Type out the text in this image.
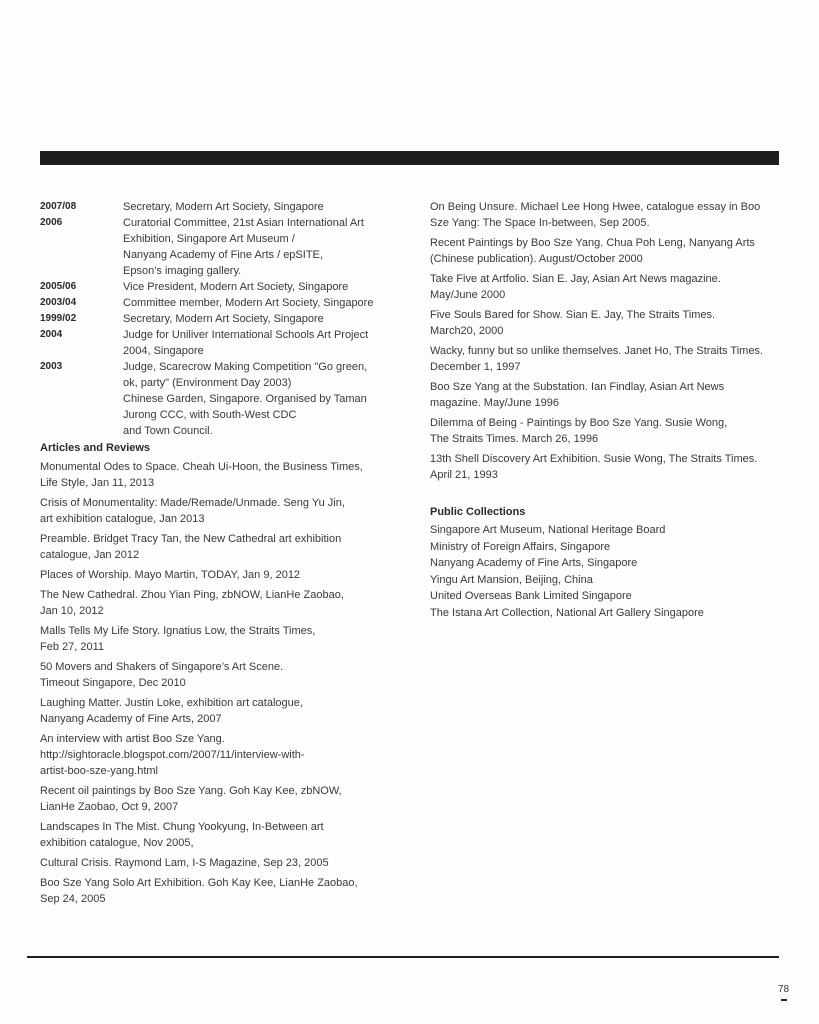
2007/08	Secretary, Modern Art Society, Singapore
2006	Curatorial Committee, 21st Asian International Art
Exhibition, Singapore Art Museum /
Nanyang Academy of Fine Arts / epSITE,
Epson’s imaging gallery.
2005/06	Vice President, Modern Art Society, Singapore
2003/04	Committee member, Modern Art Society, Singapore
1999/02	Secretary, Modern Art Society, Singapore
2004	Judge for Uniliver International Schools Art Project
2004, Singapore
2003	Judge, Scarecrow Making Competition "Go green,
ok, party" (Environment Day 2003)
Chinese Garden, Singapore. Organised by Taman
Jurong CCC, with South-West CDC
and Town Council.
Articles and Reviews
Monumental Odes to Space. Cheah Ui-Hoon, the Business Times,
Life Style, Jan 11, 2013
Crisis of Monumentality: Made/Remade/Unmade. Seng Yu Jin,
art exhibition catalogue, Jan 2013
Preamble. Bridget Tracy Tan, the New Cathedral art exhibition
catalogue, Jan 2012
Places of Worship. Mayo Martin, TODAY, Jan 9, 2012
The New Cathedral. Zhou Yian Ping, zbNOW, LianHe Zaobao,
Jan 10, 2012
Malls Tells My Life Story. Ignatius Low, the Straits Times,
Feb 27, 2011
50 Movers and Shakers of Singapore’s Art Scene.
Timeout Singapore, Dec 2010
Laughing Matter. Justin Loke, exhibition art catalogue,
Nanyang Academy of Fine Arts, 2007
An interview with artist Boo Sze Yang.
http://sightoracle.blogspot.com/2007/11/interview-with-
artist-boo-sze-yang.html
Recent oil paintings by Boo Sze Yang. Goh Kay Kee, zbNOW,
LianHe Zaobao, Oct 9, 2007
Landscapes In The Mist. Chung Yookyung, In-Between art
exhibition catalogue, Nov 2005,
Cultural Crisis. Raymond Lam, I-S Magazine, Sep 23, 2005
Boo Sze Yang Solo Art Exhibition. Goh Kay Kee, LianHe Zaobao,
Sep 24, 2005
On Being Unsure. Michael Lee Hong Hwee, catalogue essay in Boo
Sze Yang: The Space In-between, Sep 2005.
Recent Paintings by Boo Sze Yang. Chua Poh Leng, Nanyang Arts
(Chinese publication). August/October 2000
Take Five at Artfolio. Sian E. Jay, Asian Art News magazine.
May/June 2000
Five Souls Bared for Show. Sian E. Jay, The Straits Times.
March20, 2000
Wacky, funny but so unlike themselves. Janet Ho, The Straits Times.
December 1, 1997
Boo Sze Yang at the Substation. Ian Findlay, Asian Art News
magazine. May/June 1996
Dilemma of Being - Paintings by Boo Sze Yang. Susie Wong,
The Straits Times. March 26, 1996
13th Shell Discovery Art Exhibition. Susie Wong, The Straits Times.
April 21, 1993
Public Collections
Singapore Art Museum, National Heritage Board
Ministry of Foreign Affairs, Singapore
Nanyang Academy of Fine Arts, Singapore
Yingu Art Mansion, Beijing, China
United Overseas Bank Limited Singapore
The Istana Art Collection, National Art Gallery Singapore
78
